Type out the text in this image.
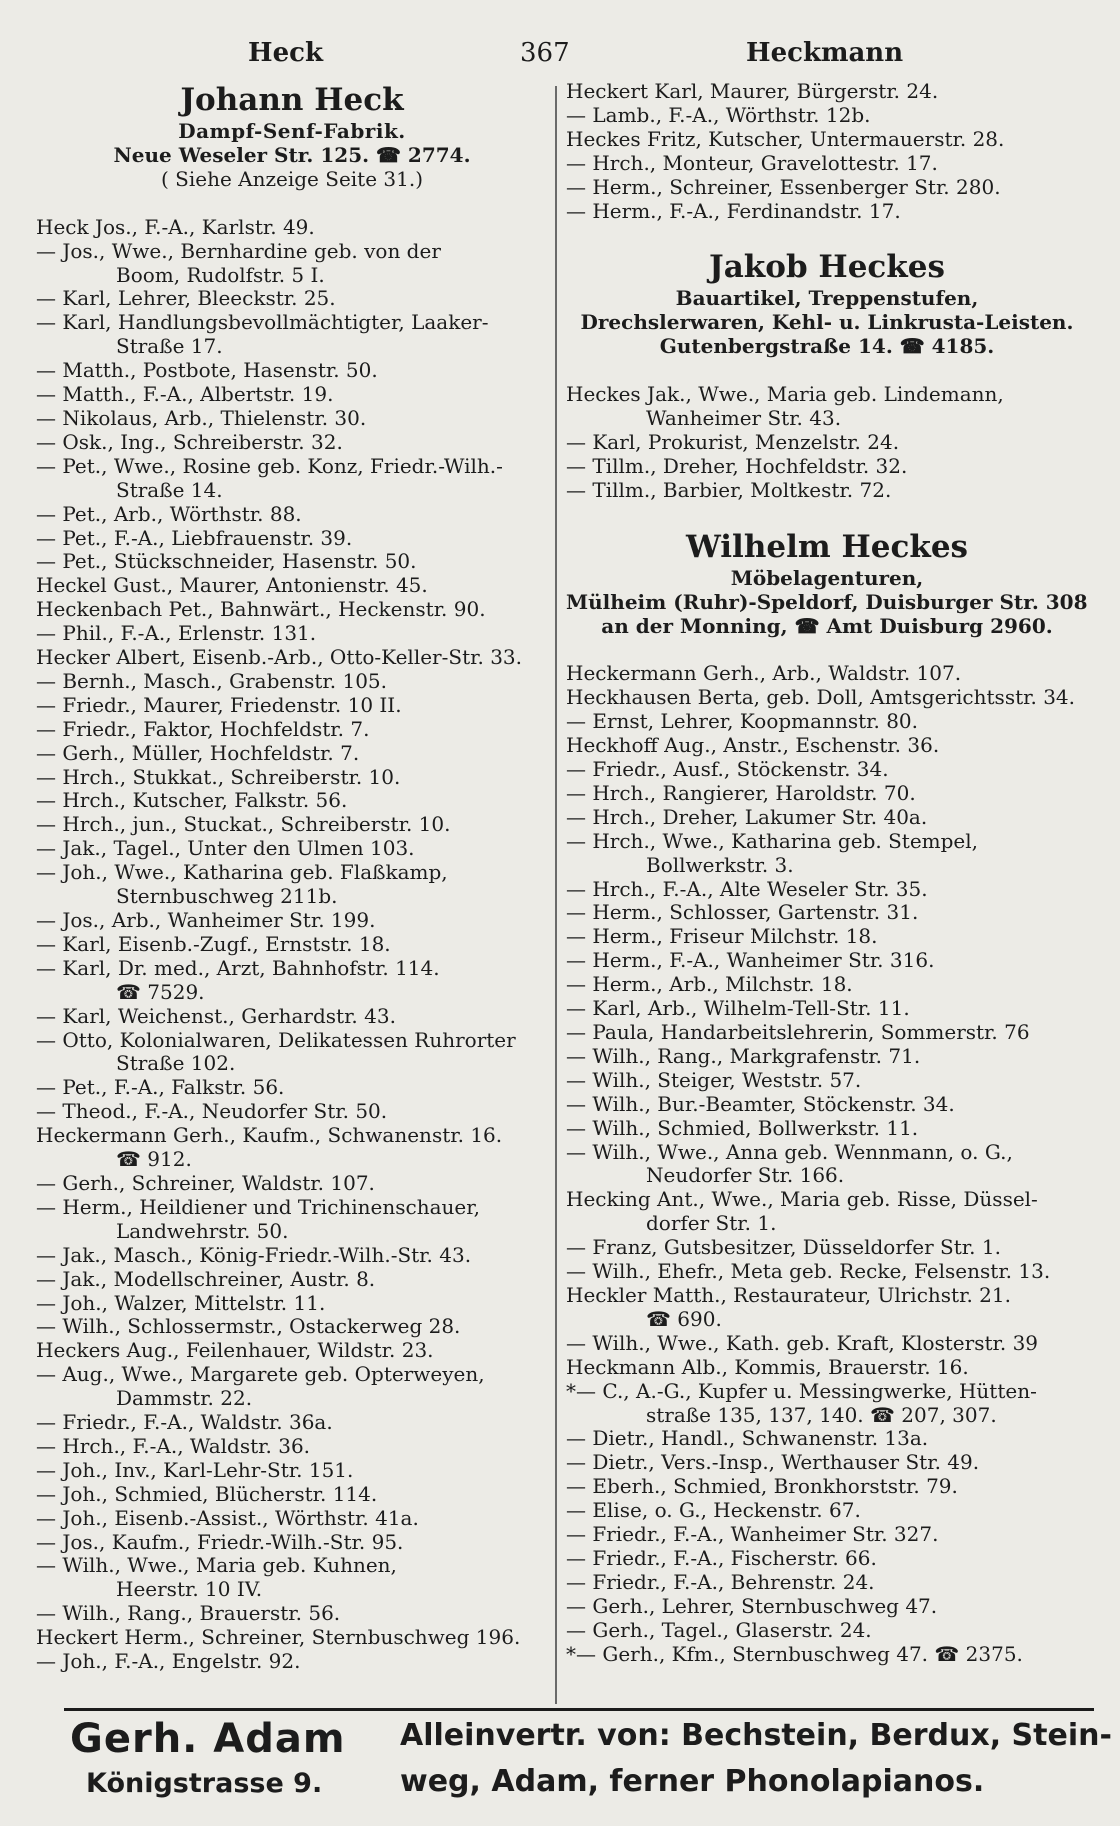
Heck	367	Heckmann
Johann Heck
Dampf-Senf-Fabrik.
Neue Weseler Str. 125. ☎ 2774.
( Siehe Anzeige Seite 31.)
Heck Jos., F.-A., Karlstr. 49.
— Jos., Wwe., Bernhardine geb. von der
Boom, Rudolfstr. 5 I.
— Karl, Lehrer, Bleeckstr. 25.
— Karl, Handlungsbevollmächtigter, Laaker-
Straße 17.
— Matth., Postbote, Hasenstr. 50.
— Matth., F.-A., Albertstr. 19.
— Nikolaus, Arb., Thielenstr. 30.
— Osk., Ing., Schreiberstr. 32.
— Pet., Wwe., Rosine geb. Konz, Friedr.-Wilh.-
Straße 14.
— Pet., Arb., Wörthstr. 88.
— Pet., F.-A., Liebfrauenstr. 39.
— Pet., Stückschneider, Hasenstr. 50.
Heckel Gust., Maurer, Antonienstr. 45.
Heckenbach Pet., Bahnwärt., Heckenstr. 90.
— Phil., F.-A., Erlenstr. 131.
Hecker Albert, Eisenb.-Arb., Otto-Keller-Str. 33.
— Bernh., Masch., Grabenstr. 105.
— Friedr., Maurer, Friedenstr. 10 II.
— Friedr., Faktor, Hochfeldstr. 7.
— Gerh., Müller, Hochfeldstr. 7.
— Hrch., Stukkat., Schreiberstr. 10.
— Hrch., Kutscher, Falkstr. 56.
— Hrch., jun., Stuckat., Schreiberstr. 10.
— Jak., Tagel., Unter den Ulmen 103.
— Joh., Wwe., Katharina geb. Flaßkamp,
Sternbuschweg 211b.
— Jos., Arb., Wanheimer Str. 199.
— Karl, Eisenb.-Zugf., Ernststr. 18.
— Karl, Dr. med., Arzt, Bahnhofstr. 114.
☎ 7529.
— Karl, Weichenst., Gerhardstr. 43.
— Otto, Kolonialwaren, Delikatessen Ruhrorter
Straße 102.
— Pet., F.-A., Falkstr. 56.
— Theod., F.-A., Neudorfer Str. 50.
Heckermann Gerh., Kaufm., Schwanenstr. 16.
☎ 912.
— Gerh., Schreiner, Waldstr. 107.
— Herm., Heildiener und Trichinenschauer,
Landwehrstr. 50.
— Jak., Masch., König-Friedr.-Wilh.-Str. 43.
— Jak., Modellschreiner, Austr. 8.
— Joh., Walzer, Mittelstr. 11.
— Wilh., Schlossermstr., Ostackerweg 28.
Heckers Aug., Feilenhauer, Wildstr. 23.
— Aug., Wwe., Margarete geb. Opterweyen,
Dammstr. 22.
— Friedr., F.-A., Waldstr. 36a.
— Hrch., F.-A., Waldstr. 36.
— Joh., Inv., Karl-Lehr-Str. 151.
— Joh., Schmied, Blücherstr. 114.
— Joh., Eisenb.-Assist., Wörthstr. 41a.
— Jos., Kaufm., Friedr.-Wilh.-Str. 95.
— Wilh., Wwe., Maria geb. Kuhnen,
Heerstr. 10 IV.
— Wilh., Rang., Brauerstr. 56.
Heckert Herm., Schreiner, Sternbuschweg 196.
— Joh., F.-A., Engelstr. 92.
Heckert Karl, Maurer, Bürgerstr. 24.
— Lamb., F.-A., Wörthstr. 12b.
Heckes Fritz, Kutscher, Untermauerstr. 28.
— Hrch., Monteur, Gravelottestr. 17.
— Herm., Schreiner, Essenberger Str. 280.
— Herm., F.-A., Ferdinandstr. 17.
Jakob Heckes
Bauartikel, Treppenstufen,
Drechslerwaren, Kehl- u. Linkrusta-Leisten.
Gutenbergstraße 14. ☎ 4185.
Heckes Jak., Wwe., Maria geb. Lindemann,
Wanheimer Str. 43.
— Karl, Prokurist, Menzelstr. 24.
— Tillm., Dreher, Hochfeldstr. 32.
— Tillm., Barbier, Moltkestr. 72.
Wilhelm Heckes
Möbelagenturen,
Mülheim (Ruhr)-Speldorf, Duisburger Str. 308
an der Monning, ☎ Amt Duisburg 2960.
Heckermann Gerh., Arb., Waldstr. 107.
Heckhausen Berta, geb. Doll, Amtsgerichtsstr. 34.
— Ernst, Lehrer, Koopmannstr. 80.
Heckhoff Aug., Anstr., Eschenstr. 36.
— Friedr., Ausf., Stöckenstr. 34.
— Hrch., Rangierer, Haroldstr. 70.
— Hrch., Dreher, Lakumer Str. 40a.
— Hrch., Wwe., Katharina geb. Stempel,
Bollwerkstr. 3.
— Hrch., F.-A., Alte Weseler Str. 35.
— Herm., Schlosser, Gartenstr. 31.
— Herm., Friseur Milchstr. 18.
— Herm., F.-A., Wanheimer Str. 316.
— Herm., Arb., Milchstr. 18.
— Karl, Arb., Wilhelm-Tell-Str. 11.
— Paula, Handarbeitslehrerin, Sommerstr. 76
— Wilh., Rang., Markgrafenstr. 71.
— Wilh., Steiger, Weststr. 57.
— Wilh., Bur.-Beamter, Stöckenstr. 34.
— Wilh., Schmied, Bollwerkstr. 11.
— Wilh., Wwe., Anna geb. Wennmann, o. G.,
Neudorfer Str. 166.
Hecking Ant., Wwe., Maria geb. Risse, Düssel-
dorfer Str. 1.
— Franz, Gutsbesitzer, Düsseldorfer Str. 1.
— Wilh., Ehefr., Meta geb. Recke, Felsenstr. 13.
Heckler Matth., Restaurateur, Ulrichstr. 21.
☎ 690.
— Wilh., Wwe., Kath. geb. Kraft, Klosterstr. 39
Heckmann Alb., Kommis, Brauerstr. 16.
*— C., A.-G., Kupfer u. Messingwerke, Hütten-
straße 135, 137, 140. ☎ 207, 307.
— Dietr., Handl., Schwanenstr. 13a.
— Dietr., Vers.-Insp., Werthauser Str. 49.
— Eberh., Schmied, Bronkhorststr. 79.
— Elise, o. G., Heckenstr. 67.
— Friedr., F.-A., Wanheimer Str. 327.
— Friedr., F.-A., Fischerstr. 66.
— Friedr., F.-A., Behrenstr. 24.
— Gerh., Lehrer, Sternbuschweg 47.
— Gerh., Tagel., Glaserstr. 24.
*— Gerh., Kfm., Sternbuschweg 47. ☎ 2375.
Gerh. Adam
Königstrasse 9.
Alleinvertr. von: Bechstein, Berdux, Stein-
weg, Adam, ferner Phonolapianos.
